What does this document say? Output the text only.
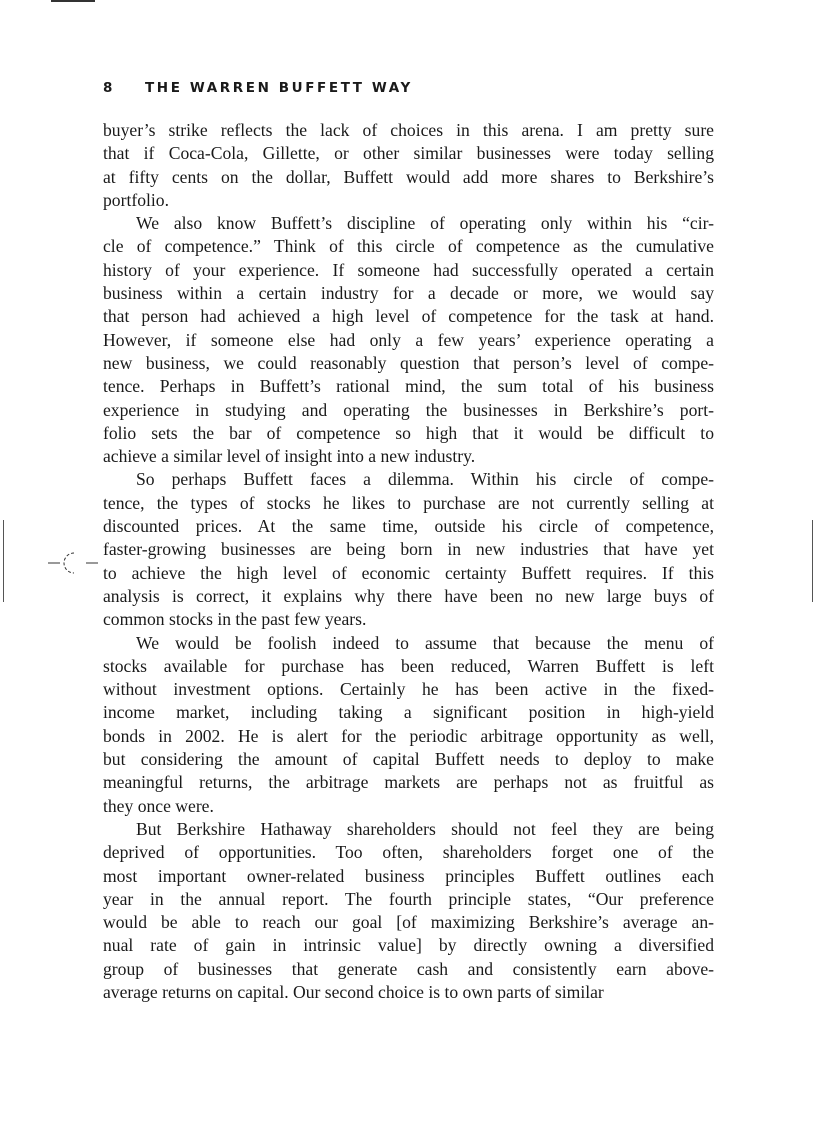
8 THE WARREN BUFFETT WAY
buyer’s strike reflects the lack of choices in this arena. I am pretty sure
that if Coca-Cola, Gillette, or other similar businesses were today selling
at fifty cents on the dollar, Buffett would add more shares to Berkshire’s
portfolio.
We also know Buffett’s discipline of operating only within his “cir-
cle of competence.” Think of this circle of competence as the cumulative
history of your experience. If someone had successfully operated a certain
business within a certain industry for a decade or more, we would say
that person had achieved a high level of competence for the task at hand.
However, if someone else had only a few years’ experience operating a
new business, we could reasonably question that person’s level of compe-
tence. Perhaps in Buffett’s rational mind, the sum total of his business
experience in studying and operating the businesses in Berkshire’s port-
folio sets the bar of competence so high that it would be difficult to
achieve a similar level of insight into a new industry.
So perhaps Buffett faces a dilemma. Within his circle of compe-
tence, the types of stocks he likes to purchase are not currently selling at
discounted prices. At the same time, outside his circle of competence,
faster-growing businesses are being born in new industries that have yet
to achieve the high level of economic certainty Buffett requires. If this
analysis is correct, it explains why there have been no new large buys of
common stocks in the past few years.
We would be foolish indeed to assume that because the menu of
stocks available for purchase has been reduced, Warren Buffett is left
without investment options. Certainly he has been active in the fixed-
income market, including taking a significant position in high-yield
bonds in 2002. He is alert for the periodic arbitrage opportunity as well,
but considering the amount of capital Buffett needs to deploy to make
meaningful returns, the arbitrage markets are perhaps not as fruitful as
they once were.
But Berkshire Hathaway shareholders should not feel they are being
deprived of opportunities. Too often, shareholders forget one of the
most important owner-related business principles Buffett outlines each
year in the annual report. The fourth principle states, “Our preference
would be able to reach our goal [of maximizing Berkshire’s average an-
nual rate of gain in intrinsic value] by directly owning a diversified
group of businesses that generate cash and consistently earn above-
average returns on capital. Our second choice is to own parts of similar
